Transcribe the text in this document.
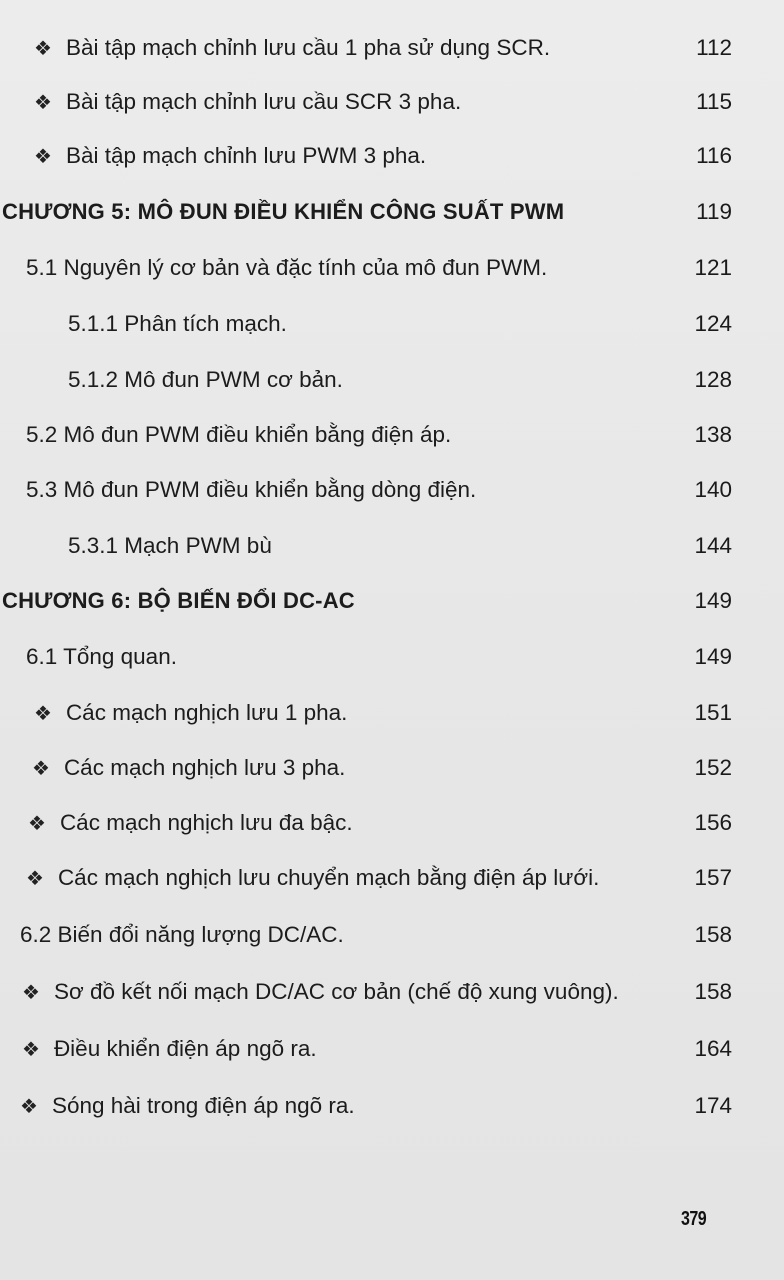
❖ Bài tập mạch chỉnh lưu cầu 1 pha sử dụng SCR.	112
❖ Bài tập mạch chỉnh lưu cầu SCR 3 pha.	115
❖ Bài tập mạch chỉnh lưu PWM 3 pha.	116
CHƯƠNG 5: MÔ ĐUN ĐIỀU KHIỂN CÔNG SUẤT PWM	119
5.1 Nguyên lý cơ bản và đặc tính của mô đun PWM.	121
5.1.1 Phân tích mạch.	124
5.1.2 Mô đun PWM cơ bản.	128
5.2 Mô đun PWM điều khiển bằng điện áp.	138
5.3 Mô đun PWM điều khiển bằng dòng điện.	140
5.3.1 Mạch PWM bù	144
CHƯƠNG 6: BỘ BIẾN ĐỔI DC-AC	149
6.1 Tổng quan.	149
❖ Các mạch nghịch lưu 1 pha.	151
❖ Các mạch nghịch lưu 3 pha.	152
❖ Các mạch nghịch lưu đa bậc.	156
❖ Các mạch nghịch lưu chuyển mạch bằng điện áp lưới.	157
6.2 Biến đổi năng lượng DC/AC.	158
❖ Sơ đồ kết nối mạch DC/AC cơ bản (chế độ xung vuông).	158
❖ Điều khiển điện áp ngõ ra.	164
❖ Sóng hài trong điện áp ngõ ra.	174
379
